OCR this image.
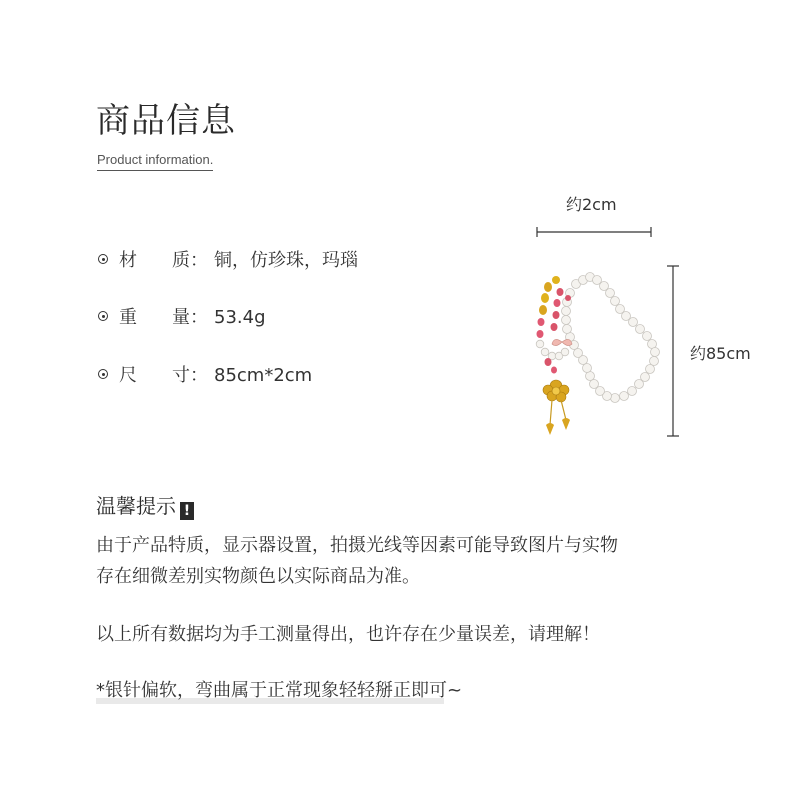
商品信息
Product information.
材 质： 铜，仿珍珠，玛瑙
重 量： 53.4g
尺 寸： 85cm*2cm
约2cm
约85cm
温馨提示 !
由于产品特质，显示器设置，拍摄光线等因素可能导致图片与实物
存在细微差别实物颜色以实际商品为准。
以上所有数据均为手工测量得出，也许存在少量误差，请理解！
*银针偏软，弯曲属于正常现象轻轻掰正即可~
